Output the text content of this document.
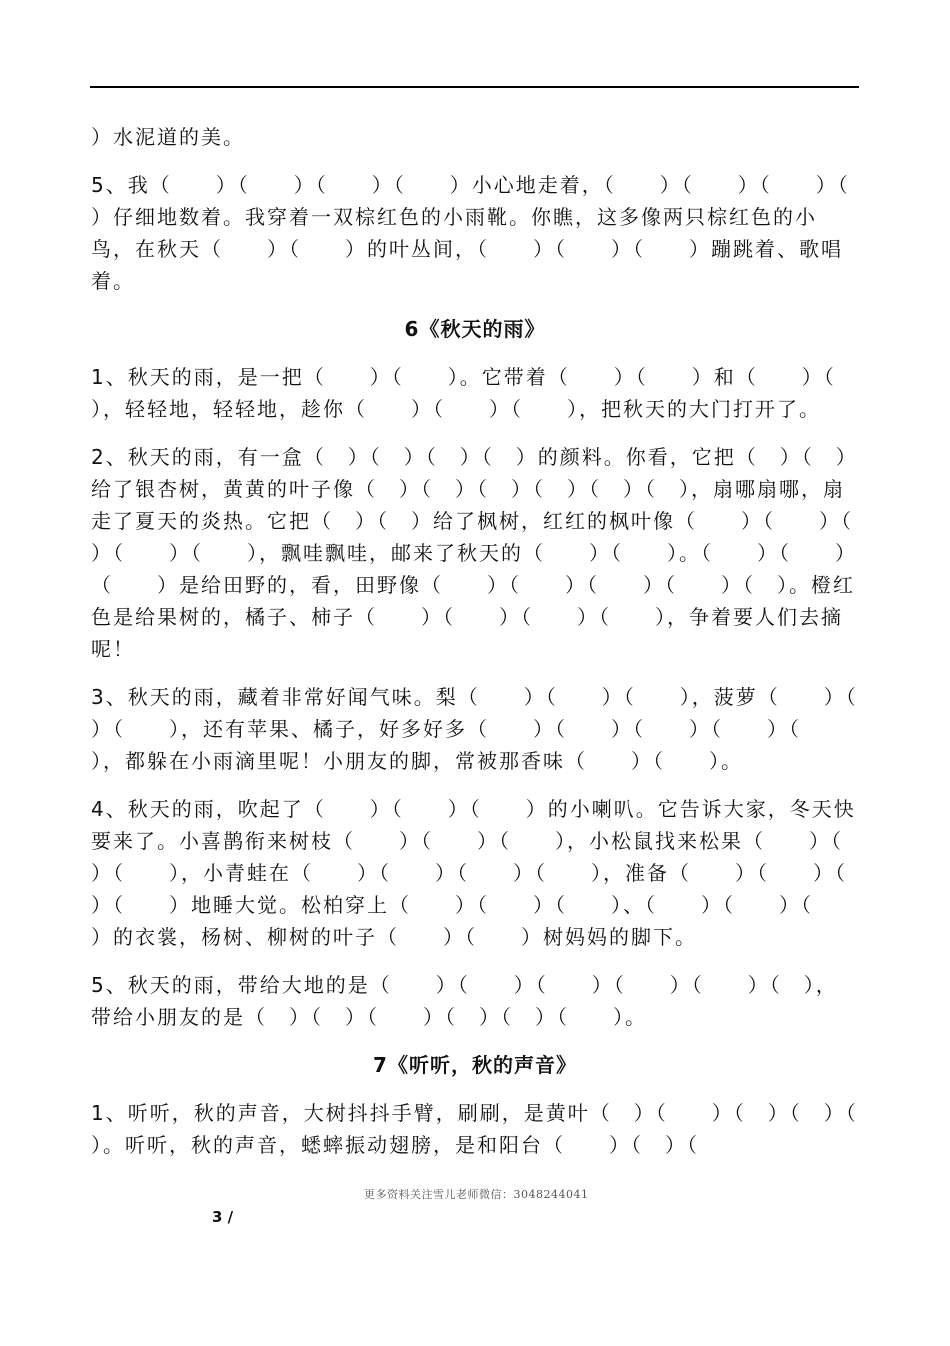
）水泥道的美。

5、我（　　）（　　）（　　）（　　）小心地走着，（　　）（　　）（　　）（　　）仔细地数着。我穿着一双棕红色的小雨靴。你瞧，这多像两只棕红色的小鸟，在秋天（　　）（　　）的叶丛间，（　　）（　　）（　　）蹦跳着、歌唱着。

6《秋天的雨》

1、秋天的雨，是一把（　　）（　　）。它带着（　　）（　　）和（　　）（　　），轻轻地，轻轻地，趁你（　　）（　　）（　　），把秋天的大门打开了。

2、秋天的雨，有一盒（　）（　）（　）（　）的颜料。你看，它把（　）（　）给了银杏树，黄黄的叶子像（　）（　）（　）（　）（　）（　），扇哪扇哪，扇走了夏天的炎热。它把（　）（　）给了枫树，红红的枫叶像（　　）（　　）（　　）（　　）（　　），飘哇飘哇，邮来了秋天的（　　）（　　）。（　　）（　　）（　　）是给田野的，看，田野像（　　）（　　）（　　）（　　）（　）。橙红色是给果树的，橘子、柿子（　　）（　　）（　　）（　　），争着要人们去摘呢！

3、秋天的雨，藏着非常好闻气味。梨（　　）（　　）（　　），菠萝（　　）（　　）（　　），还有苹果、橘子，好多好多（　　）（　　）（　　）（　　）（　　），都躲在小雨滴里呢！小朋友的脚，常被那香味（　　）（　　）。

4、秋天的雨，吹起了（　　）（　　）（　　）的小喇叭。它告诉大家，冬天快要来了。小喜鹊衔来树枝（　　）（　　）（　　），小松鼠找来松果（　　）（　　）（　　），小青蛙在（　　）（　　）（　　）（　　），准备（　　）（　　）（　　）（　　）地睡大觉。松柏穿上（　　）（　　）（　　）、（　　）（　　）（　　）的衣裳，杨树、柳树的叶子（　　）（　　）树妈妈的脚下。

5、秋天的雨，带给大地的是（　　）（　　）（　　）（　　）（　　）（　），带给小朋友的是（　）（　）（　　）（　）（　）（　　）。

7《听听，秋的声音》

1、听听，秋的声音，大树抖抖手臂，刷刷，是黄叶（　）（　　）（　）（　）（　　）。听听，秋的声音，蟋蟀振动翅膀，是和阳台（　　）（　）（

更多资料关注雪儿老师微信：3048244041
3 /
